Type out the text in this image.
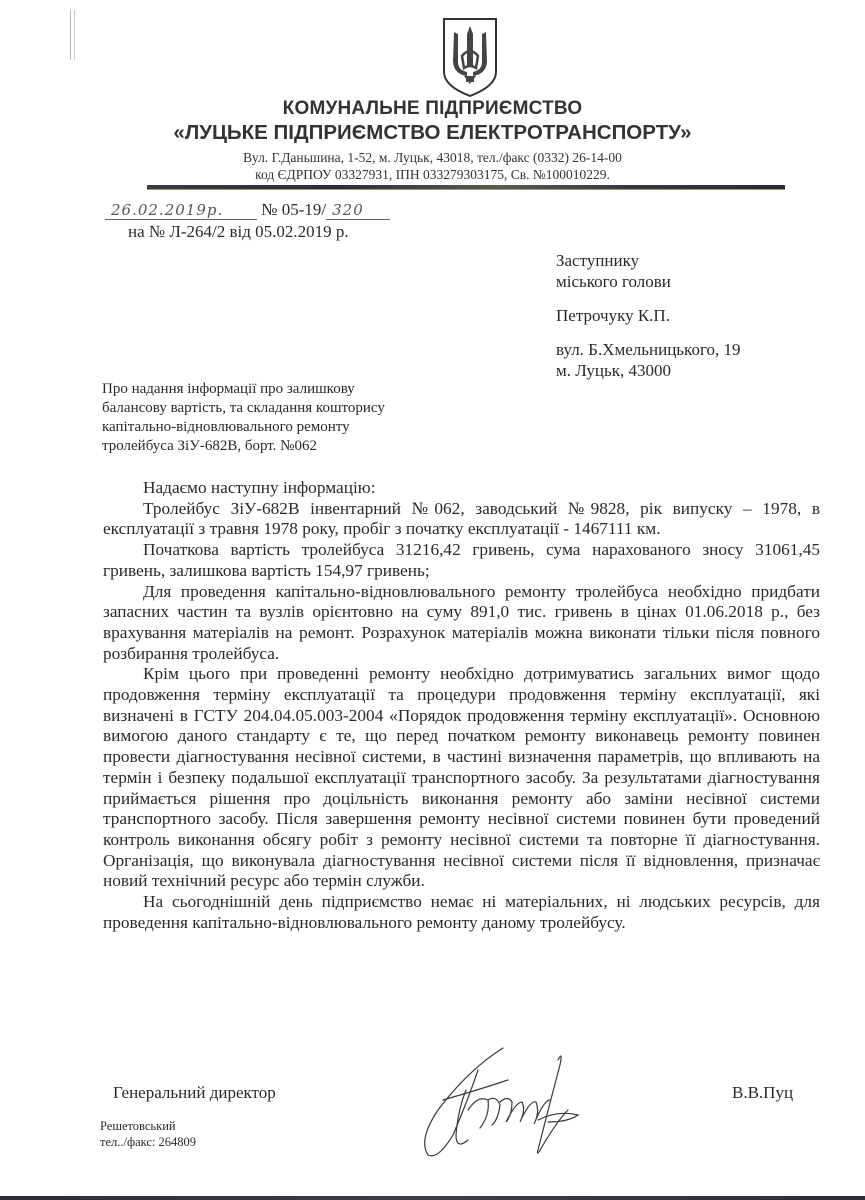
КОМУНАЛЬНЕ ПІДПРИЄМСТВО
«ЛУЦЬКЕ ПІДПРИЄМСТВО ЕЛЕКТРОТРАНСПОРТУ»
Вул. Г.Даньшина, 1-52, м. Луцьк, 43018, тел./факс (0332) 26-14-00
код ЄДРПОУ 03327931, ІПН 033279303175, Св. №100010229.
26.02.2019р. № 05-19/ 320
на № Л-264/2 від 05.02.2019 р.
Заступнику
міського голови
Петрочуку К.П.
вул. Б.Хмельницького, 19
м. Луцьк, 43000
Про надання інформації про залишкову
балансову вартість, та складання кошторису
капітально-відновлювального ремонту
тролейбуса ЗіУ-682В, борт. №062

Надаємо наступну інформацію:

Тролейбус ЗіУ-682В інвентарний №062, заводський №9828, рік випуску – 1978, в експлуатації з травня 1978 року, пробіг з початку експлуатації - 1467111 км.

Початкова вартість тролейбуса 31216,42 гривень, сума нарахованого зносу 31061,45 гривень, залишкова вартість 154,97 гривень;

Для проведення капітально-відновлювального ремонту тролейбуса необхідно придбати запасних частин та вузлів орієнтовно на суму 891,0 тис. гривень в цінах 01.06.2018 р., без врахування матеріалів на ремонт. Розрахунок матеріалів можна виконати тільки після повного розбирання тролейбуса.

Крім цього при проведенні ремонту необхідно дотримуватись загальних вимог щодо продовження терміну експлуатації та процедури продовження терміну експлуатації, які визначені в ГСТУ 204.04.05.003-2004 «Порядок продовження терміну експлуатації». Основною вимогою даного стандарту є те, що перед початком ремонту виконавець ремонту повинен провести діагностування несівної системи, в частині визначення параметрів, що впливають на термін і безпеку подальшої експлуатації транспортного засобу. За результатами діагностування приймається рішення про доцільність виконання ремонту або заміни несівної системи транспортного засобу. Після завершення ремонту несівної системи повинен бути проведений контроль виконання обсягу робіт з ремонту несівної системи та повторне її діагностування. Організація, що виконувала діагностування несівної системи після її відновлення, призначає новий технічний ресурс або термін служби.

На сьогоднішній день підприємство немає ні матеріальних, ні людських ресурсів, для проведення капітально-відновлювального ремонту даному тролейбусу.

Генеральний директор	В.В.Пуц
Решетовський
тел../факс: 264809
